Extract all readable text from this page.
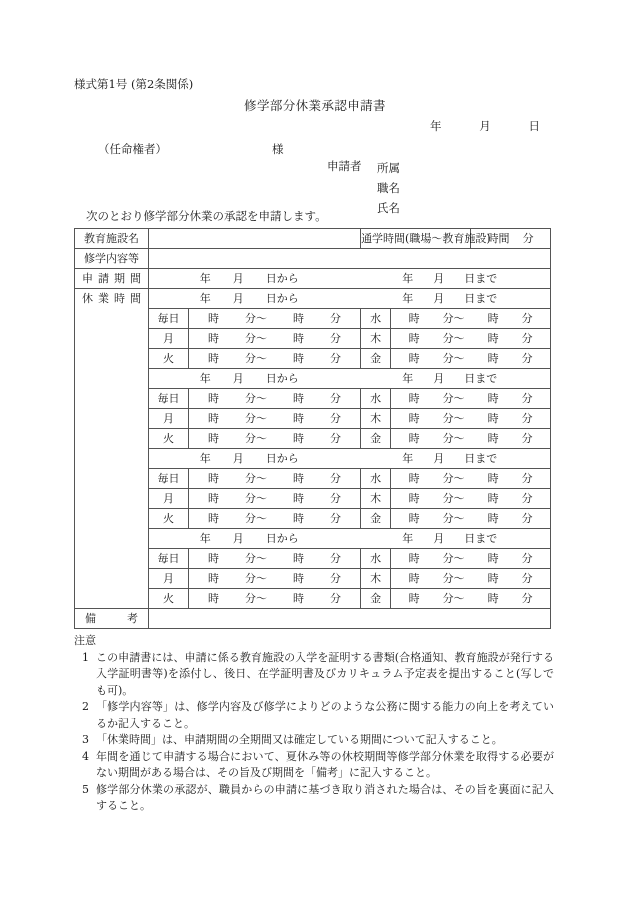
様式第1号 (第2条関係)
修学部分休業承認申請書
年	月	日
（任命権者）	様
申請者 所属
職名
氏名
次のとおり修学部分休業の承認を申請します。
教育施設名			通学時間(職場～教育施設)		時間 分

修学内容等					

申 請 期 間	年 月 日から	年 月 日まで

休 業 時 間	年 月 日から	年 月 日まで

	毎日	時 分～ 時 分	水	時 分～ 時 分	

	月	時 分～ 時 分	木	時 分～ 時 分	

	火	時 分～ 時 分	金	時 分～ 時 分	

年 月 日から	年 月 日まで

	毎日	時 分～ 時 分	水	時 分～ 時 分	

	月	時 分～ 時 分	木	時 分～ 時 分	

	火	時 分～ 時 分	金	時 分～ 時 分	

年 月 日から	年 月 日まで

	毎日	時 分～ 時 分	水	時 分～ 時 分	

	月	時 分～ 時 分	木	時 分～ 時 分	

	火	時 分～ 時 分	金	時 分～ 時 分	

年 月 日から	年 月 日まで

	毎日	時 分～ 時 分	水	時 分～ 時 分	

	月	時 分～ 時 分	木	時 分～ 時 分	

	火	時 分～ 時 分	金	時 分～ 時 分	
備	考

注意
1 この申請書には、申請に係る教育施設の入学を証明する書類(合格通知、教育施設が発行する入学証明書等)を添付し、後日、在学証明書及びカリキュラム予定表を提出すること(写しでも可)。
2 「修学内容等」は、修学内容及び修学によりどのような公務に関する能力の向上を考えているか記入すること。
3 「休業時間」は、申請期間の全期間又は確定している期間について記入すること。
4 年間を通じて申請する場合において、夏休み等の休校期間等修学部分休業を取得する必要がない期間がある場合は、その旨及び期間を「備考」に記入すること。
5 修学部分休業の承認が、職員からの申請に基づき取り消された場合は、その旨を裏面に記入すること。
